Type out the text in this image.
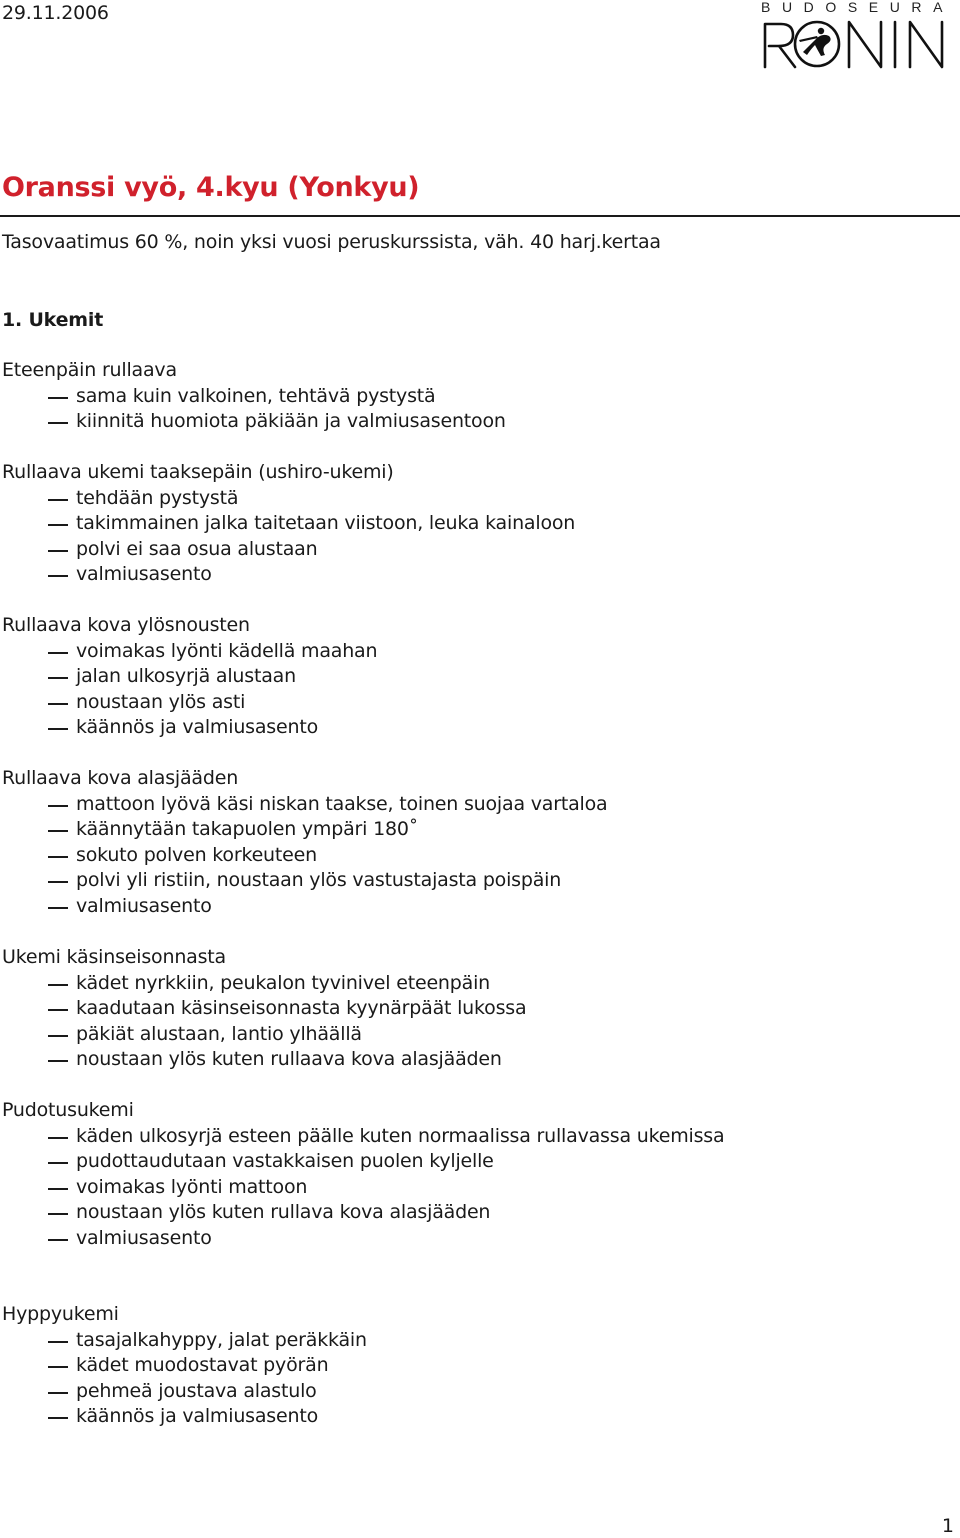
29.11.2006	BUDOSEURA
Oranssi vyö, 4.kyu (Yonkyu)
Tasovaatimus 60 %, noin yksi vuosi peruskurssista, väh. 40 harj.kertaa
1. Ukemit
Eteenpäin rullaava
sama kuin valkoinen, tehtävä pystystä
kiinnitä huomiota päkiään ja valmiusasentoon
Rullaava ukemi taaksepäin (ushiro-ukemi)
tehdään pystystä
takimmainen jalka taitetaan viistoon, leuka kainaloon
polvi ei saa osua alustaan
valmiusasento
Rullaava kova ylösnousten
voimakas lyönti kädellä maahan
jalan ulkosyrjä alustaan
noustaan ylös asti
käännös ja valmiusasento
Rullaava kova alasjääden
mattoon lyövä käsi niskan taakse, toinen suojaa vartaloa
käännytään takapuolen ympäri 180˚
sokuto polven korkeuteen
polvi yli ristiin, noustaan ylös vastustajasta poispäin
valmiusasento
Ukemi käsinseisonnasta
kädet nyrkkiin, peukalon tyvinivel eteenpäin
kaadutaan käsinseisonnasta kyynärpäät lukossa
päkiät alustaan, lantio ylhäällä
noustaan ylös kuten rullaava kova alasjääden
Pudotusukemi
käden ulkosyrjä esteen päälle kuten normaalissa rullavassa ukemissa
pudottaudutaan vastakkaisen puolen kyljelle
voimakas lyönti mattoon
noustaan ylös kuten rullava kova alasjääden
valmiusasento
Hyppyukemi
tasajalkahyppy, jalat peräkkäin
kädet muodostavat pyörän
pehmeä joustava alastulo
käännös ja valmiusasento
1
